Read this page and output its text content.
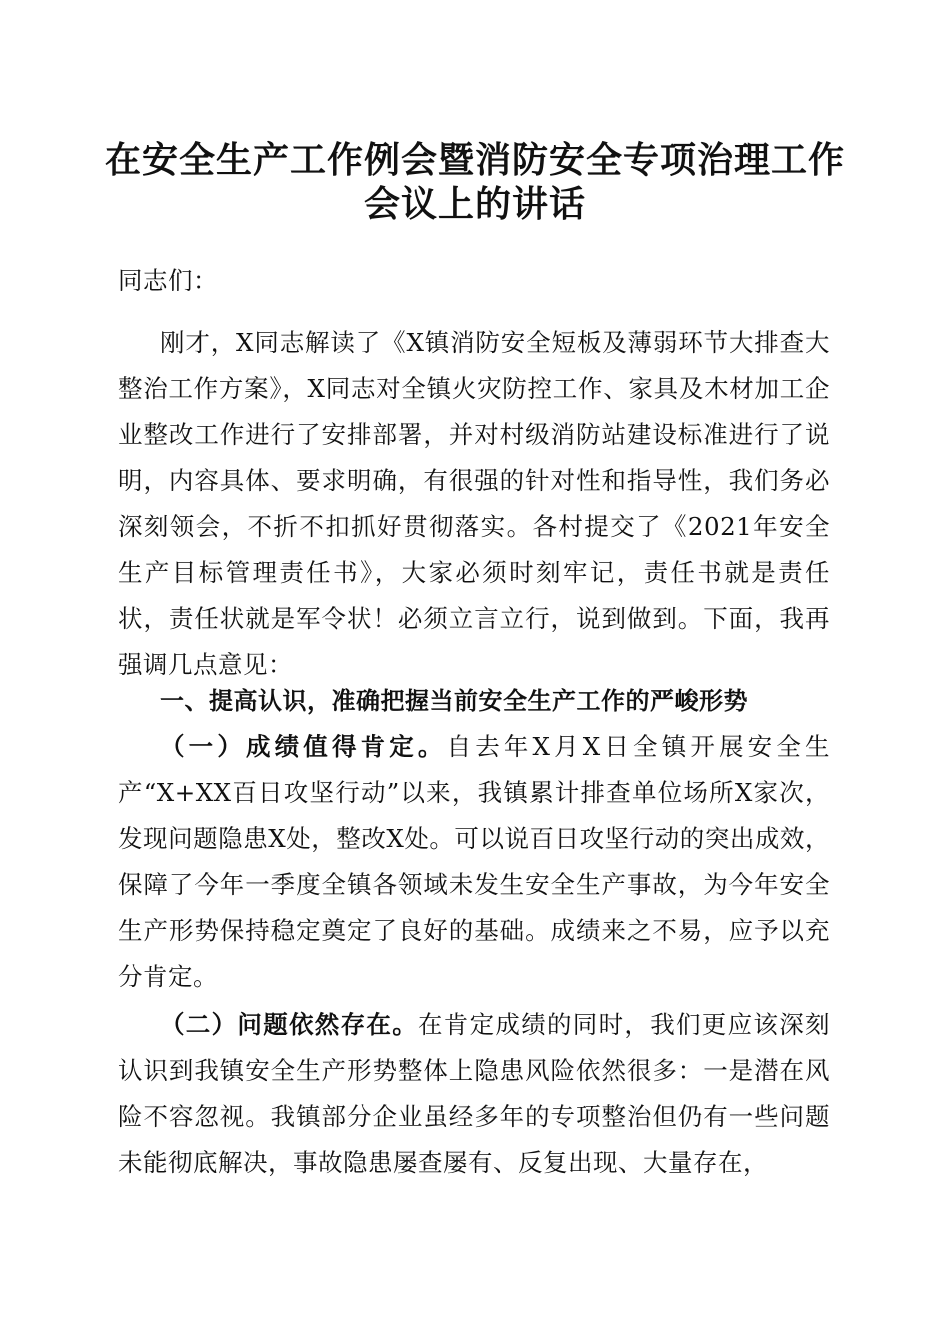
在安全生产工作例会暨消防安全专项治理工作
会议上的讲话
同志们：
刚才，X同志解读了《X镇消防安全短板及薄弱环节大排查大整治工作方案》，X同志对全镇火灾防控工作、家具及木材加工企业整改工作进行了安排部署，并对村级消防站建设标准进行了说明，内容具体、要求明确，有很强的针对性和指导性，我们务必深刻领会，不折不扣抓好贯彻落实。各村提交了《2021年安全生产目标管理责任书》，大家必须时刻牢记，责任书就是责任状，责任状就是军令状！必须立言立行，说到做到。下面，我再强调几点意见：
一、提高认识，准确把握当前安全生产工作的严峻形势
（一）成绩值得肯定。自去年X月X日全镇开展安全生产“X+XX百日攻坚行动”以来，我镇累计排查单位场所X家次，发现问题隐患X处，整改X处。可以说百日攻坚行动的突出成效，保障了今年一季度全镇各领域未发生安全生产事故，为今年安全生产形势保持稳定奠定了良好的基础。成绩来之不易，应予以充分肯定。
（二）问题依然存在。在肯定成绩的同时，我们更应该深刻认识到我镇安全生产形势整体上隐患风险依然很多：一是潜在风险不容忽视。我镇部分企业虽经多年的专项整治但仍有一些问题未能彻底解决，事故隐患屡查屡有、反复出现、大量存在，
